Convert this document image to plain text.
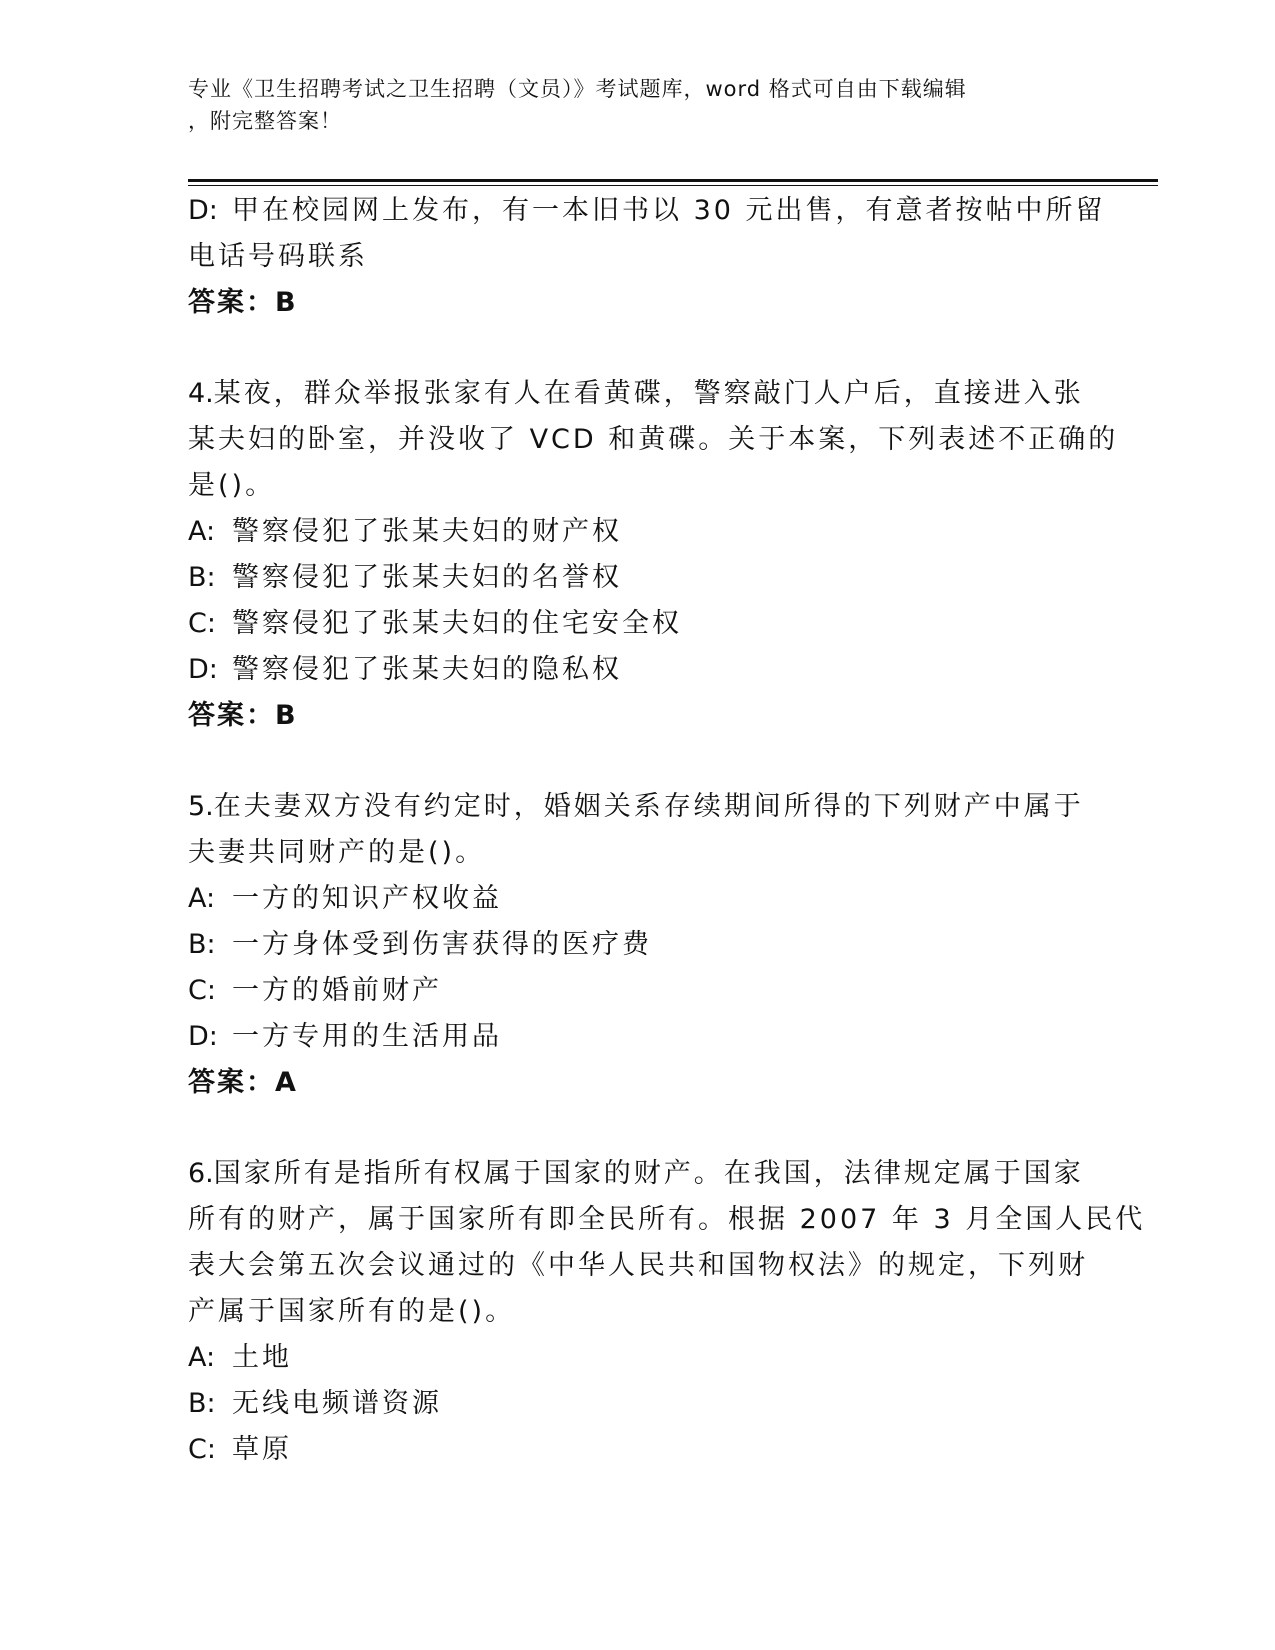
专业《卫生招聘考试之卫生招聘（文员）》考试题库，word 格式可自由下载编辑
，附完整答案！
D: 甲在校园网上发布，有一本旧书以 30 元出售，有意者按帖中所留
电话号码联系
答案：B
4.某夜，群众举报张家有人在看黄碟，警察敲门人户后，直接进入张
某夫妇的卧室，并没收了 VCD 和黄碟。关于本案，下列表述不正确的
是()。
A: 警察侵犯了张某夫妇的财产权
B: 警察侵犯了张某夫妇的名誉权
C: 警察侵犯了张某夫妇的住宅安全权
D: 警察侵犯了张某夫妇的隐私权
答案：B
5.在夫妻双方没有约定时，婚姻关系存续期间所得的下列财产中属于
夫妻共同财产的是()。
A: 一方的知识产权收益
B: 一方身体受到伤害获得的医疗费
C: 一方的婚前财产
D: 一方专用的生活用品
答案：A
6.国家所有是指所有权属于国家的财产。在我国，法律规定属于国家
所有的财产，属于国家所有即全民所有。根据 2007 年 3 月全国人民代
表大会第五次会议通过的《中华人民共和国物权法》的规定，下列财
产属于国家所有的是()。
A: 土地
B: 无线电频谱资源
C: 草原
